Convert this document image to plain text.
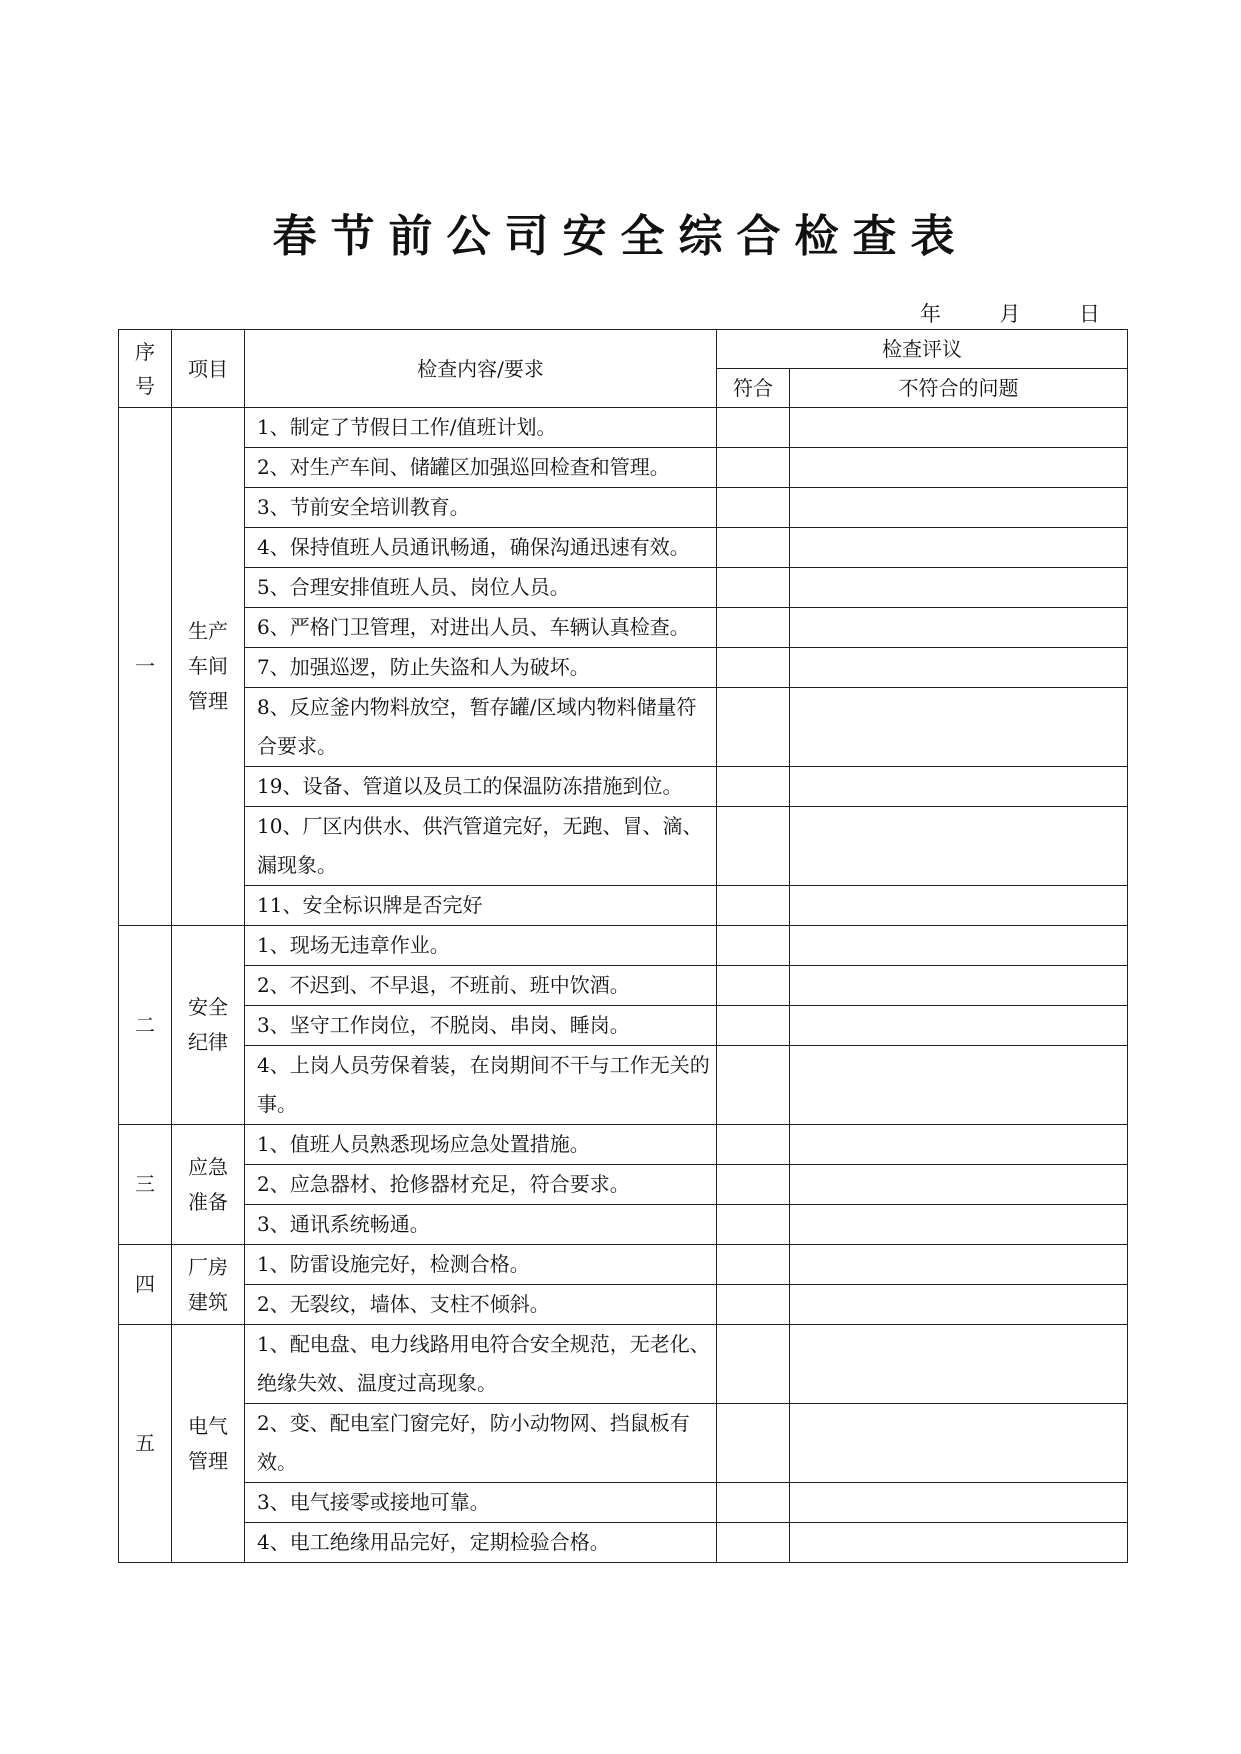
春节前公司安全综合检查表
年	月	日
序号	项目	检查内容/要求	检查评议	
			符合	不符合的问题
一	生产车间管理	1、制定了节假日工作/值班计划。		
		2、对生产车间、储罐区加强巡回检查和管理。		
		3、节前安全培训教育。		
		4、保持值班人员通讯畅通，确保沟通迅速有效。		
		5、合理安排值班人员、岗位人员。		
		6、严格门卫管理，对进出人员、车辆认真检查。		
		7、加强巡逻，防止失盗和人为破坏。		
		8、反应釜内物料放空，暂存罐/区域内物料储量符合要求。		
		19、设备、管道以及员工的保温防冻措施到位。		
		10、厂区内供水、供汽管道完好，无跑、冒、滴、漏现象。		
		11、安全标识牌是否完好		
二	安全纪律	1、现场无违章作业。		
		2、不迟到、不早退，不班前、班中饮酒。		
		3、坚守工作岗位，不脱岗、串岗、睡岗。		
		4、上岗人员劳保着装，在岗期间不干与工作无关的事。		
三	应急准备	1、值班人员熟悉现场应急处置措施。		
		2、应急器材、抢修器材充足，符合要求。		
		3、通讯系统畅通。		
四	厂房建筑	1、防雷设施完好，检测合格。		
		2、无裂纹，墙体、支柱不倾斜。		
五	电气管理	1、配电盘、电力线路用电符合安全规范，无老化、绝缘失效、温度过高现象。		
		2、变、配电室门窗完好，防小动物网、挡鼠板有效。		
		3、电气接零或接地可靠。		
		4、电工绝缘用品完好，定期检验合格。		
